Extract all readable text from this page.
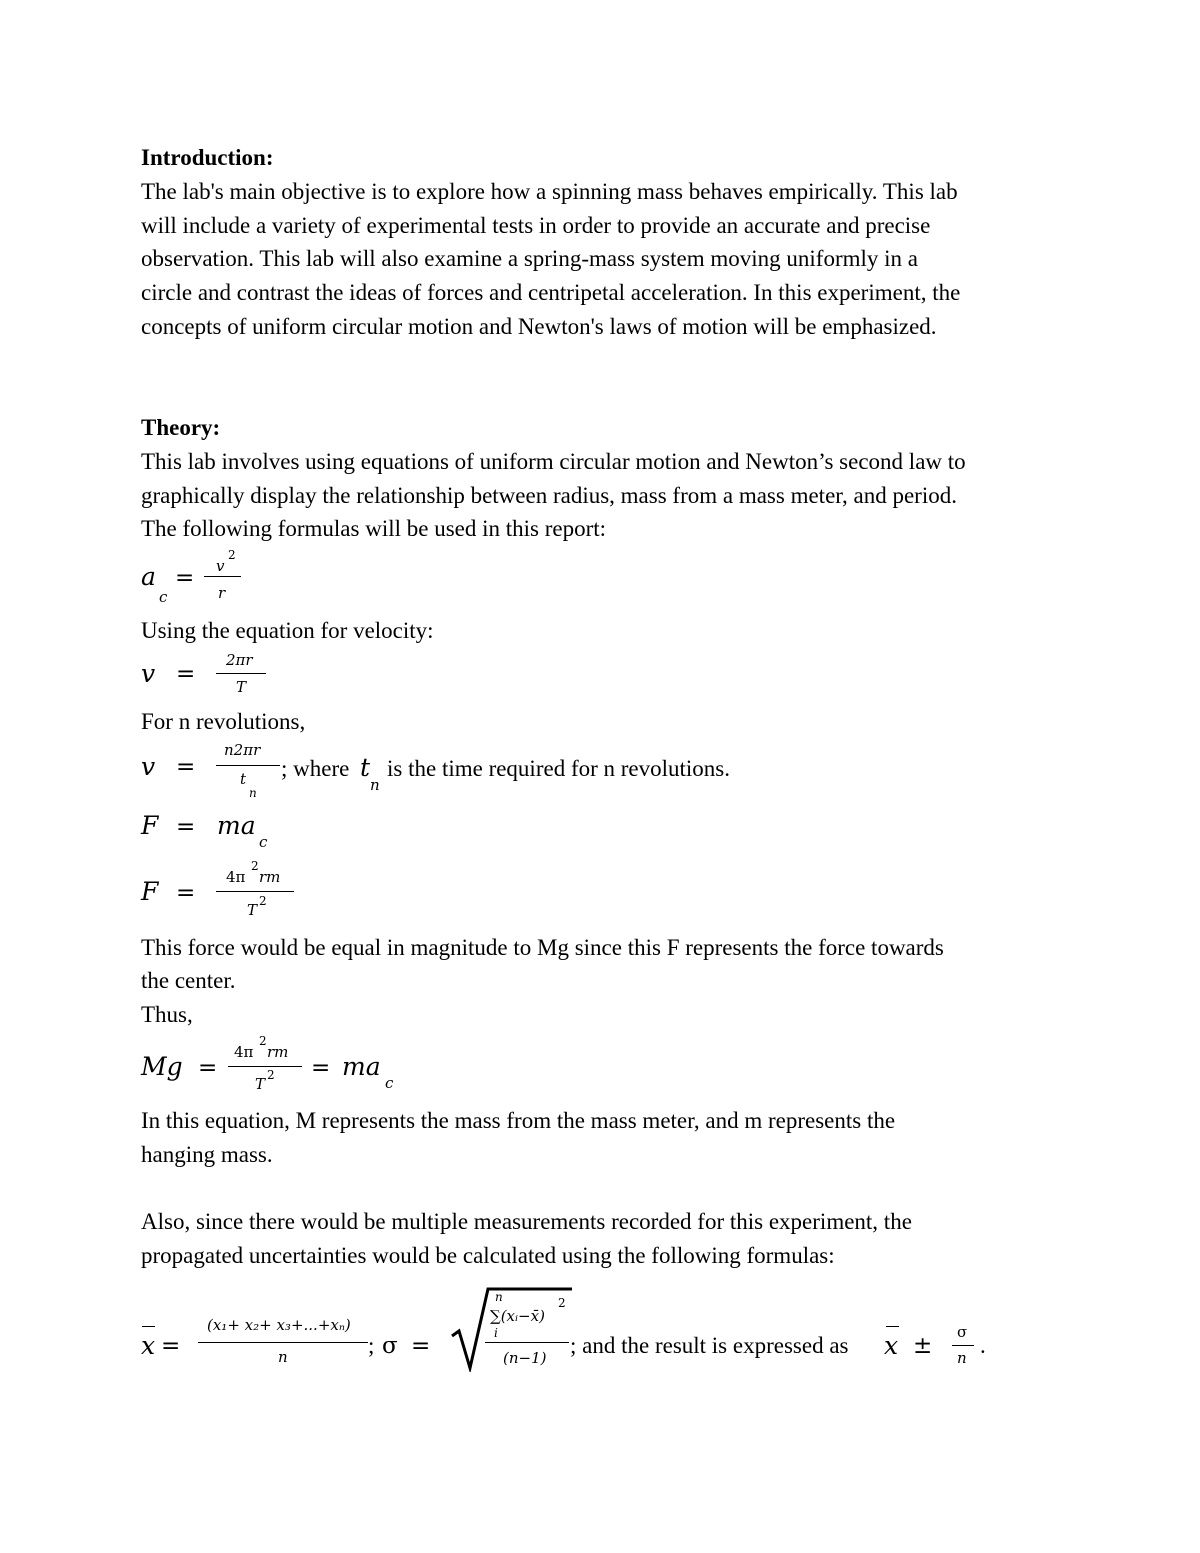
Introduction:
The lab's main objective is to explore how a spinning mass behaves empirically. This lab
will include a variety of experimental tests in order to provide an accurate and precise
observation. This lab will also examine a spring-mass system moving uniformly in a
circle and contrast the ideas of forces and centripetal acceleration. In this experiment, the
concepts of uniform circular motion and Newton's laws of motion will be emphasized.
Theory:
This lab involves using equations of uniform circular motion and Newton’s second law to
graphically display the relationship between radius, mass from a mass meter, and period.
The following formulas will be used in this report:
a
c
= v
2
r
Using the equation for velocity:
v =
2πr
T
For n revolutions,
v =
n2πr
t
n
; where t
n
is the time required for n revolutions.
F = ma
c
F =
4π
2
rm
T 2
This force would be equal in magnitude to Mg since this F represents the force towards
the center.
Thus,
Mg =
4π
2
rm
T 2 = ma
c
In this equation, M represents the mass from the mass meter, and m represents the
hanging mass.
Also, since there would be multiple measurements recorded for this experiment, the
propagated uncertainties would be calculated using the following formulas:
x =
(x₁+ x₂+ x₃+...+xₙ)
n	; σ =
n
∑(xᵢ−x̄)
2
i
(n−1) ; and the result is expressed as x ±
σ
n .
